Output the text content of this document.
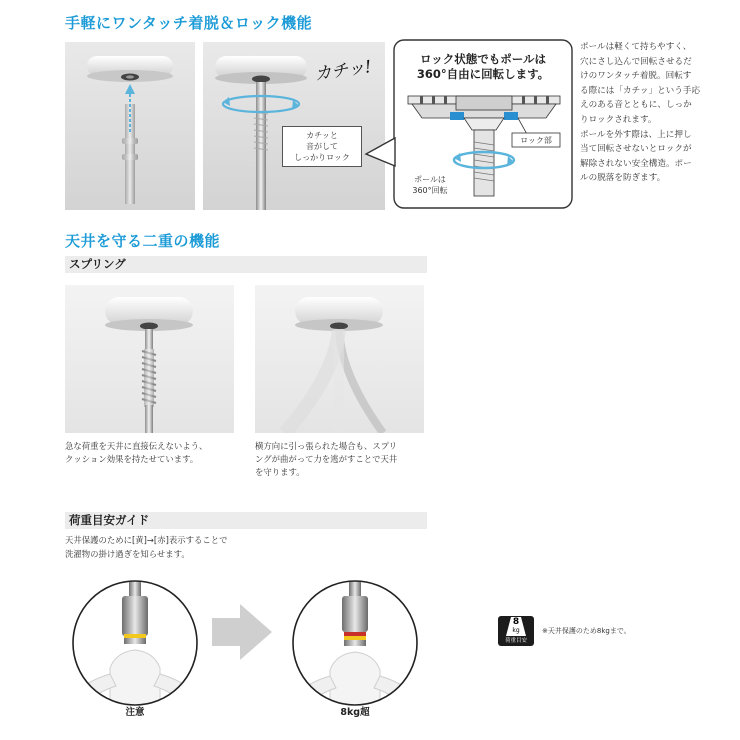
手軽にワンタッチ着脱＆ロック機能
カチッ!
カチッと
音がして
しっかりロック
ロック状態でもポールは
360°自由に回転します。
ロック部
ポールは
360°回転
ポールは軽くて持ちやすく、
穴にさし込んで回転させるだ
けのワンタッチ着脱。回転す
る際には「カチッ」という手応
えのある音とともに、しっか
りロックされます。
ポールを外す際は、上に押し
当て回転させないとロックが
解除されない安全構造。ポー
ルの脱落を防ぎます。
天井を守る二重の機能
スプリング
急な荷重を天井に直接伝えないよう、
クッション効果を持たせています。
横方向に引っ張られた場合も、スプリ
ングが曲がって力を逃がすことで天井
を守ります。
荷重目安ガイド
天井保護のために[黄]→[赤]表示することで
洗濯物の掛け過ぎを知らせます。
注意	8kg超
8
kg
荷重目安
※天井保護のため8kgまで。
